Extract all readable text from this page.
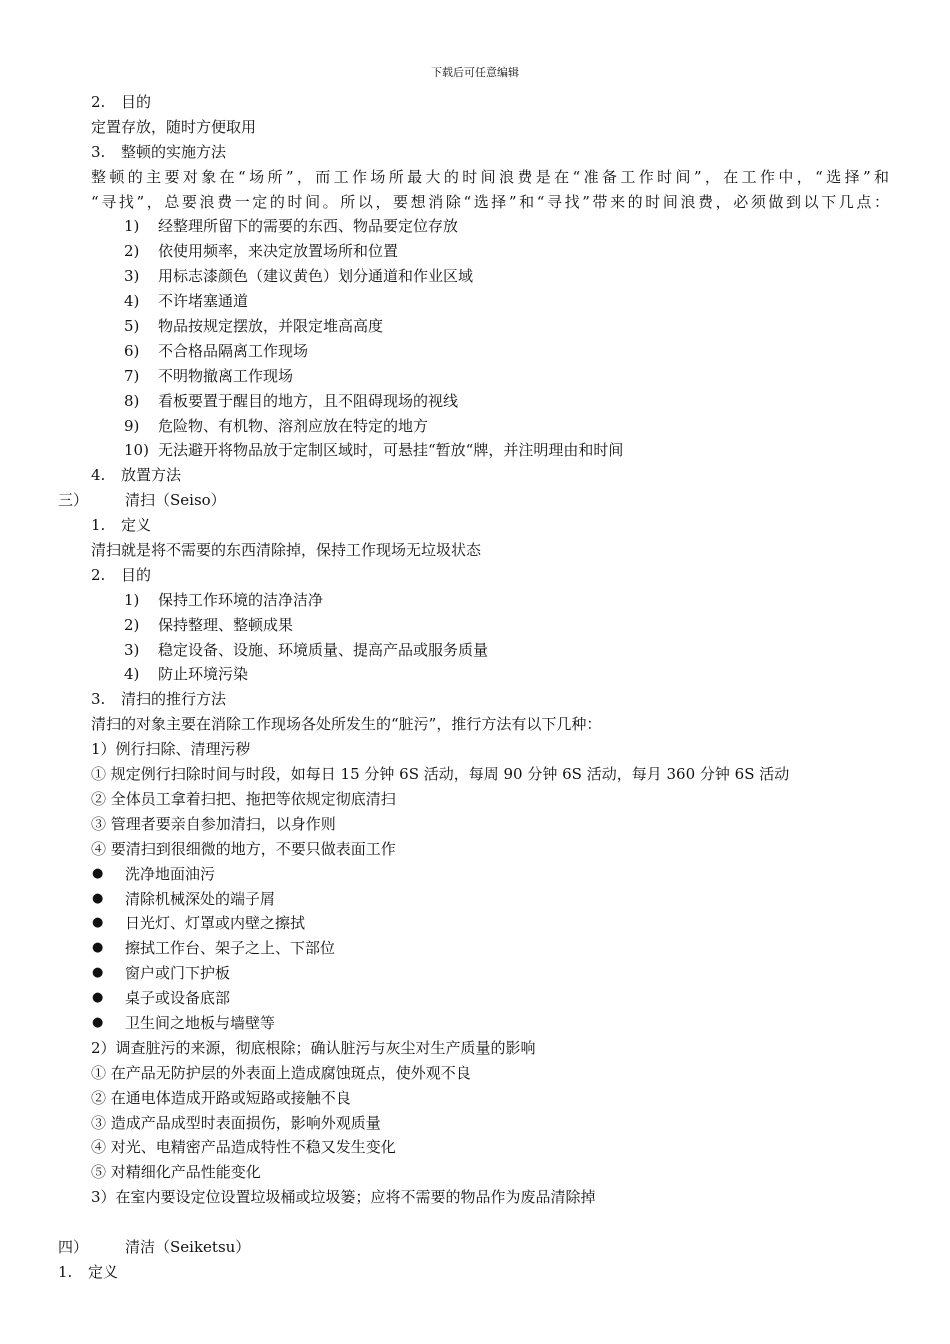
下载后可任意编辑
2. 目的
定置存放，随时方便取用
3. 整顿的实施方法
整顿的主要对象在“场所”，而工作场所最大的时间浪费是在“准备工作时间”，在工作中，“选择”和
“寻找”，总要浪费一定的时间。所以，要想消除“选择”和“寻找”带来的时间浪费，必须做到以下几点：
1) 经整理所留下的需要的东西、物品要定位存放
2) 依使用频率，来决定放置场所和位置
3) 用标志漆颜色（建议黄色）划分通道和作业区域
4) 不许堵塞通道
5) 物品按规定摆放，并限定堆高高度
6) 不合格品隔离工作现场
7) 不明物撤离工作现场
8) 看板要置于醒目的地方，且不阻碍现场的视线
9) 危险物、有机物、溶剂应放在特定的地方
10) 无法避开将物品放于定制区域时，可悬挂“暂放“牌，并注明理由和时间
4. 放置方法
三） 清扫（Seiso）
1. 定义
清扫就是将不需要的东西清除掉，保持工作现场无垃圾状态
2. 目的
1) 保持工作环境的洁净洁净
2) 保持整理、整顿成果
3) 稳定设备、设施、环境质量、提高产品或服务质量
4) 防止环境污染
3. 清扫的推行方法
清扫的对象主要在消除工作现场各处所发生的“脏污”，推行方法有以下几种：
1）例行扫除、清理污秽
① 规定例行扫除时间与时段，如每日 15 分钟 6S 活动，每周 90 分钟 6S 活动，每月 360 分钟 6S 活动
② 全体员工拿着扫把、拖把等依规定彻底清扫
③ 管理者要亲自参加清扫，以身作则
④ 要清扫到很细微的地方，不要只做表面工作
● 洗净地面油污
● 清除机械深处的端子屑
● 日光灯、灯罩或内壁之擦拭
● 擦拭工作台、架子之上、下部位
● 窗户或门下护板
● 桌子或设备底部
● 卫生间之地板与墙壁等
2）调查脏污的来源，彻底根除；确认脏污与灰尘对生产质量的影响
① 在产品无防护层的外表面上造成腐蚀斑点，使外观不良
② 在通电体造成开路或短路或接触不良
③ 造成产品成型时表面损伤，影响外观质量
④ 对光、电精密产品造成特性不稳又发生变化
⑤ 对精细化产品性能变化
3）在室内要设定位设置垃圾桶或垃圾篓；应将不需要的物品作为废品清除掉
四） 清洁（Seiketsu）
1. 定义
